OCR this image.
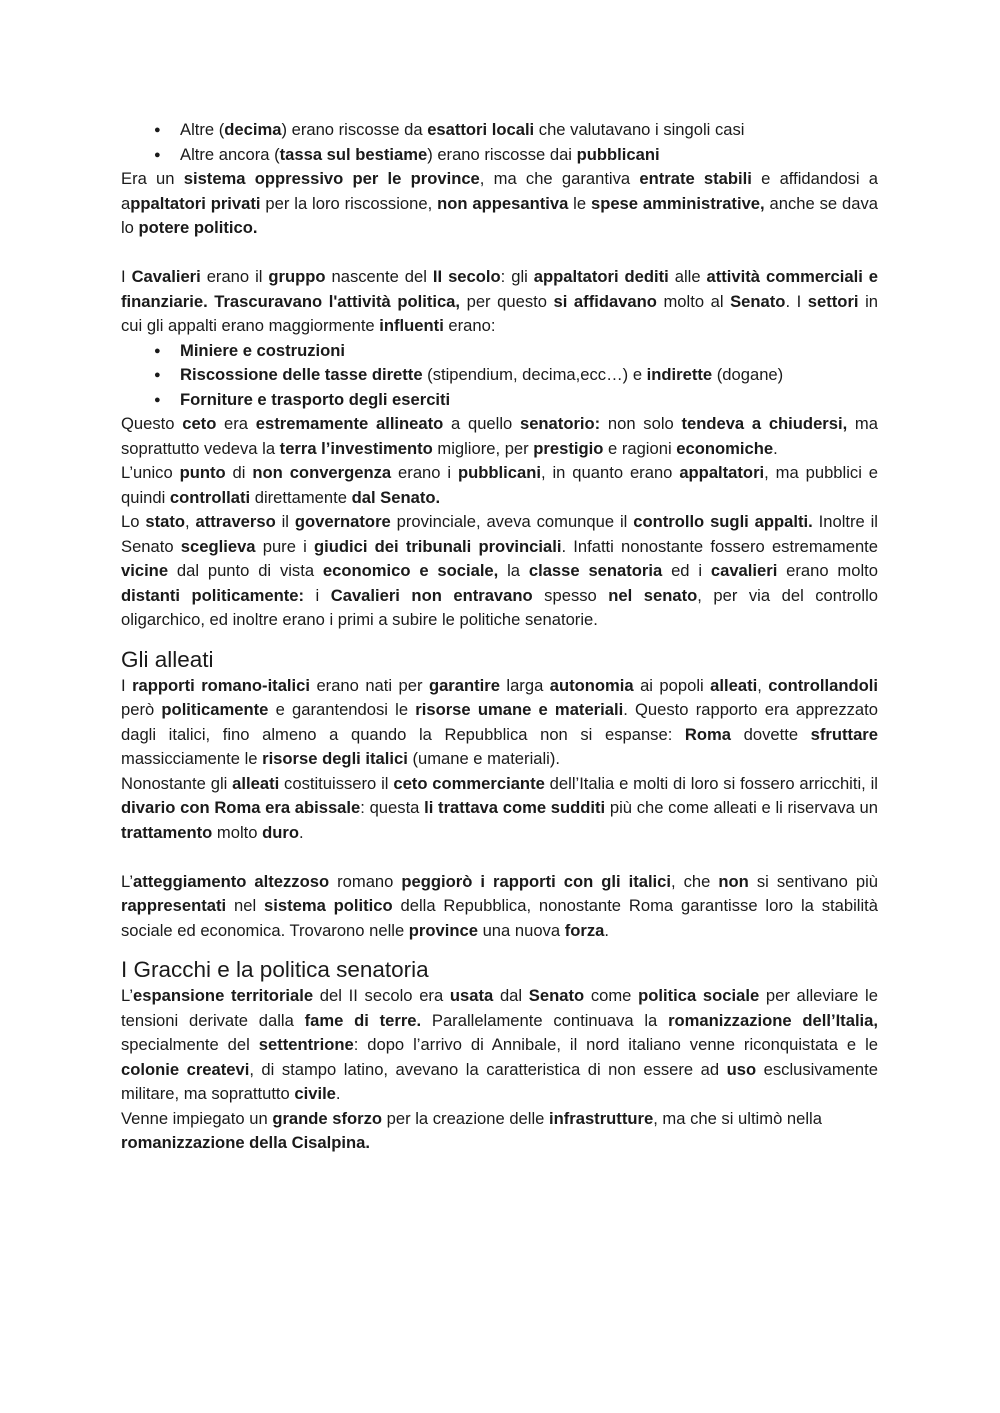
● Altre (decima) erano riscosse da esattori locali che valutavano i singoli casi
● Altre ancora (tassa sul bestiame) erano riscosse dai pubblicani

Era un sistema oppressivo per le province, ma che garantiva entrate stabili e affidandosi a appaltatori privati per la loro riscossione, non appesantiva le spese amministrative, anche se dava lo potere politico.

I Cavalieri erano il gruppo nascente del II secolo: gli appaltatori dediti alle attività commerciali e finanziarie. Trascuravano l'attività politica, per questo si affidavano molto al Senato. I settori in cui gli appalti erano maggiormente influenti erano:

● Miniere e costruzioni
● Riscossione delle tasse dirette (stipendium, decima,ecc…) e indirette (dogane)
● Forniture e trasporto degli eserciti

Questo ceto era estremamente allineato a quello senatorio: non solo tendeva a chiudersi, ma soprattutto vedeva la terra l’investimento migliore, per prestigio e ragioni economiche.

L’unico punto di non convergenza erano i pubblicani, in quanto erano appaltatori, ma pubblici e quindi controllati direttamente dal Senato.

Lo stato, attraverso il governatore provinciale, aveva comunque il controllo sugli appalti. Inoltre il Senato sceglieva pure i giudici dei tribunali provinciali. Infatti nonostante fossero estremamente vicine dal punto di vista economico e sociale, la classe senatoria ed i cavalieri erano molto distanti politicamente: i Cavalieri non entravano spesso nel senato, per via del controllo oligarchico, ed inoltre erano i primi a subire le politiche senatorie.

Gli alleati

I rapporti romano-italici erano nati per garantire larga autonomia ai popoli alleati, controllandoli però politicamente e garantendosi le risorse umane e materiali. Questo rapporto era apprezzato dagli italici, fino almeno a quando la Repubblica non si espanse: Roma dovette sfruttare massicciamente le risorse degli italici (umane e materiali).

Nonostante gli alleati costituissero il ceto commerciante dell’Italia e molti di loro si fossero arricchiti, il divario con Roma era abissale: questa li trattava come sudditi più che come alleati e li riservava un trattamento molto duro.

L’atteggiamento altezzoso romano peggiorò i rapporti con gli italici, che non si sentivano più rappresentati nel sistema politico della Repubblica, nonostante Roma garantisse loro la stabilità sociale ed economica. Trovarono nelle province una nuova forza.

I Gracchi e la politica senatoria

L’espansione territoriale del II secolo era usata dal Senato come politica sociale per alleviare le tensioni derivate dalla fame di terre. Parallelamente continuava la romanizzazione dell’Italia, specialmente del settentrione: dopo l’arrivo di Annibale, il nord italiano venne riconquistata e le colonie createvi, di stampo latino, avevano la caratteristica di non essere ad uso esclusivamente militare, ma soprattutto civile.

Venne impiegato un grande sforzo per la creazione delle infrastrutture, ma che si ultimò nella romanizzazione della Cisalpina.
